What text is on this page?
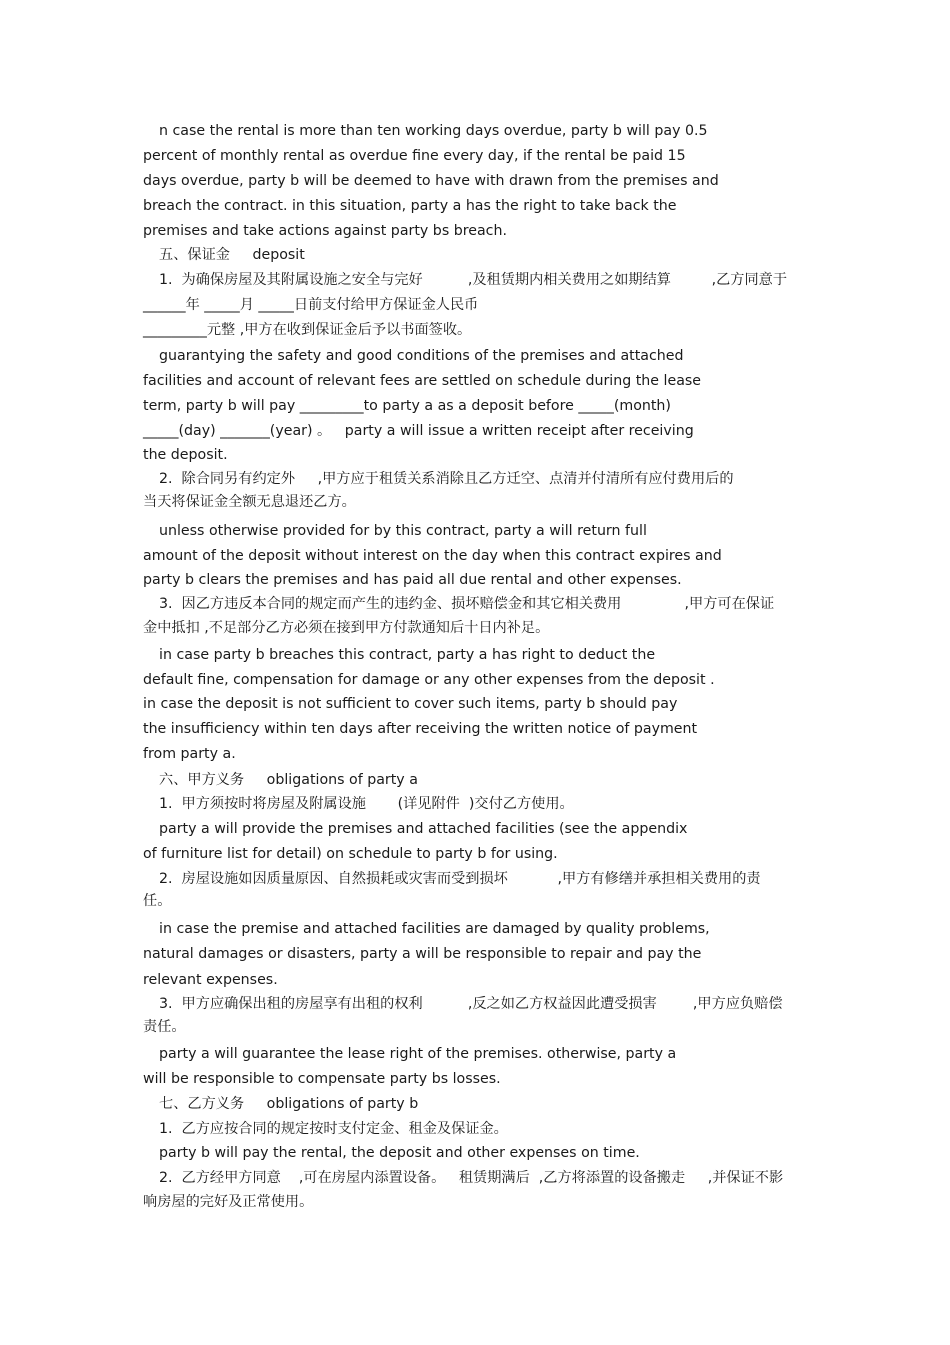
n case the rental is more than ten working days overdue, party b will pay 0.5
percent of monthly rental as overdue fine every day, if the rental be paid 15
days overdue, party b will be deemed to have with drawn from the premises and
breach the contract. in this situation, party a has the right to take back the
premises and take actions against party bs breach.
五、保证金     deposit
1.  为确保房屋及其附属设施之安全与完好          ,及租赁期内相关费用之如期结算         ,乙方同意于
______年 _____月 _____日前支付给甲方保证金人民币
_________元整 ,甲方在收到保证金后予以书面签收。
guarantying the safety and good conditions of the premises and attached
facilities and account of relevant fees are settled on schedule during the lease
term, party b will pay _________to party a as a deposit before _____(month)
_____(day) _______(year) 。   party a will issue a written receipt after receiving
the deposit.
2.  除合同另有约定外     ,甲方应于租赁关系消除且乙方迁空、点清并付清所有应付费用后的
当天将保证金全额无息退还乙方。
unless otherwise provided for by this contract, party a will return full
amount of the deposit without interest on the day when this contract expires and
party b clears the premises and has paid all due rental and other expenses.
3.  因乙方违反本合同的规定而产生的违约金、损坏赔偿金和其它相关费用              ,甲方可在保证
金中抵扣 ,不足部分乙方必须在接到甲方付款通知后十日内补足。
in case party b breaches this contract, party a has right to deduct the
default fine, compensation for damage or any other expenses from the deposit .
in case the deposit is not sufficient to cover such items, party b should pay
the insufficiency within ten days after receiving the written notice of payment
from party a.
六、甲方义务     obligations of party a
1.  甲方须按时将房屋及附属设施       (详见附件  )交付乙方使用。
party a will provide the premises and attached facilities (see the appendix
of furniture list for detail) on schedule to party b for using.
2.  房屋设施如因质量原因、自然损耗或灾害而受到损坏           ,甲方有修缮并承担相关费用的责
任。
in case the premise and attached facilities are damaged by quality problems,
natural damages or disasters, party a will be responsible to repair and pay the
relevant expenses.
3.  甲方应确保出租的房屋享有出租的权利          ,反之如乙方权益因此遭受损害        ,甲方应负赔偿
责任。
party a will guarantee the lease right of the premises. otherwise, party a
will be responsible to compensate party bs losses.
七、乙方义务     obligations of party b
1.  乙方应按合同的规定按时支付定金、租金及保证金。
party b will pay the rental, the deposit and other expenses on time.
2.  乙方经甲方同意    ,可在房屋内添置设备。   租赁期满后  ,乙方将添置的设备搬走     ,并保证不影
响房屋的完好及正常使用。
